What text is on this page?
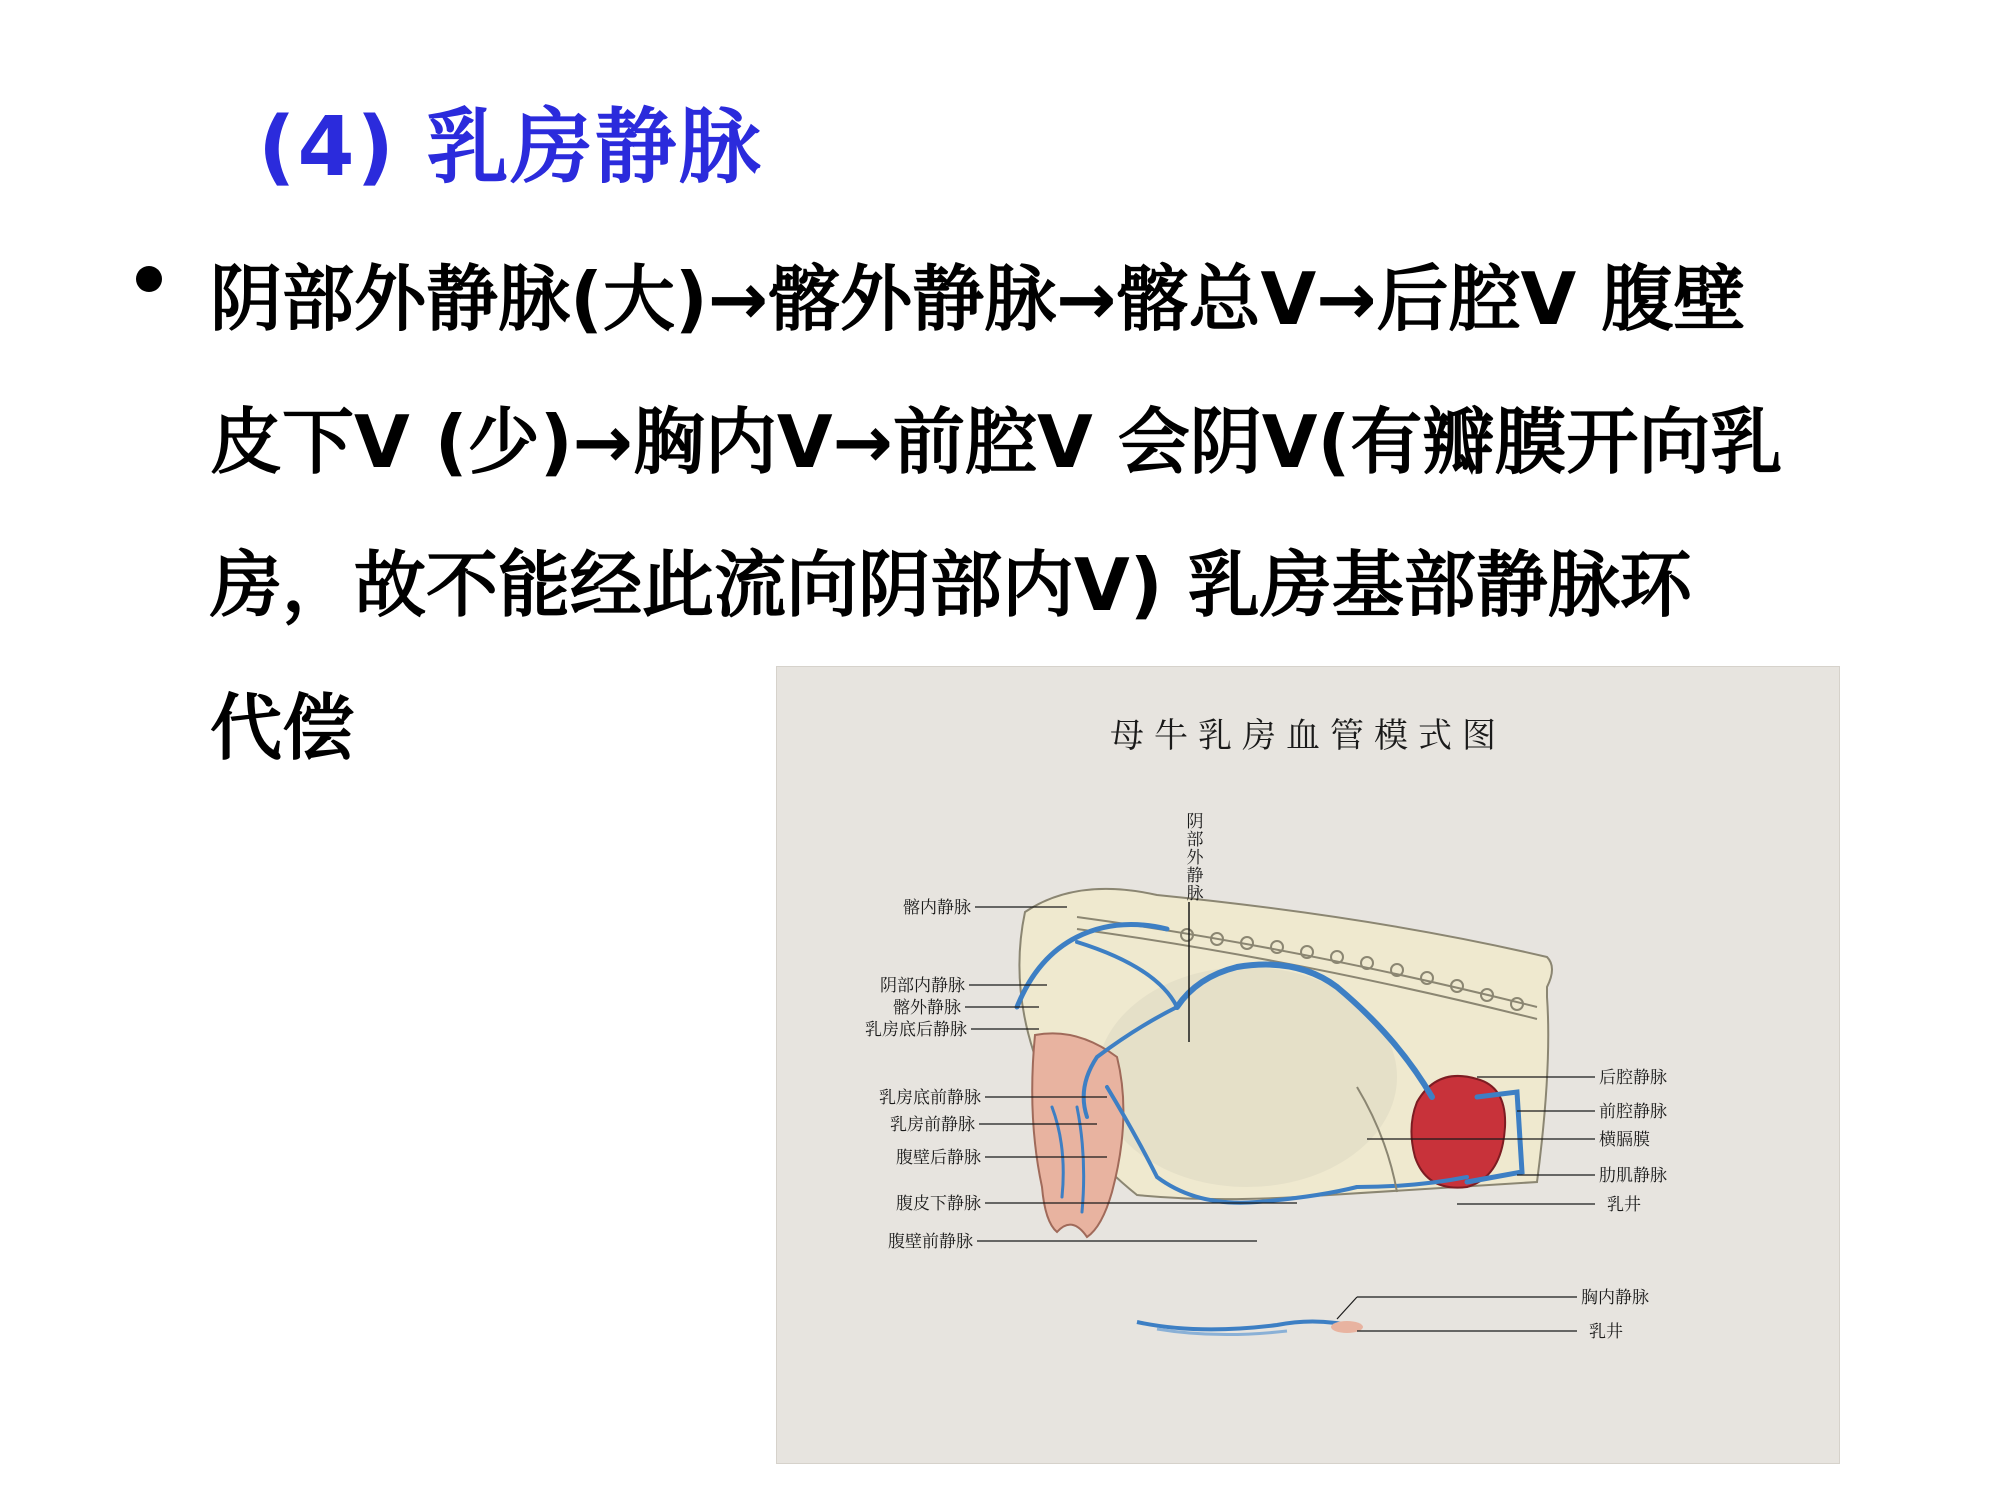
(4) 乳房静脉

阴部外静脉(大)→髂外静脉→髂总V→后腔V 腹壁
皮下V (少)→胸内V→前腔V 会阴V(有瓣膜开向乳
房，故不能经此流向阴部内V) 乳房基部静脉环
代偿	母牛乳房血管模式图
阴部外静脉
髂内静脉
阴部内静脉
髂外静脉
乳房底后静脉
乳房底前静脉
乳房前静脉
腹壁后静脉
腹皮下静脉
腹壁前静脉
后腔静脉
前腔静脉
横膈膜
肋肌静脉
乳井
胸内静脉
乳井
